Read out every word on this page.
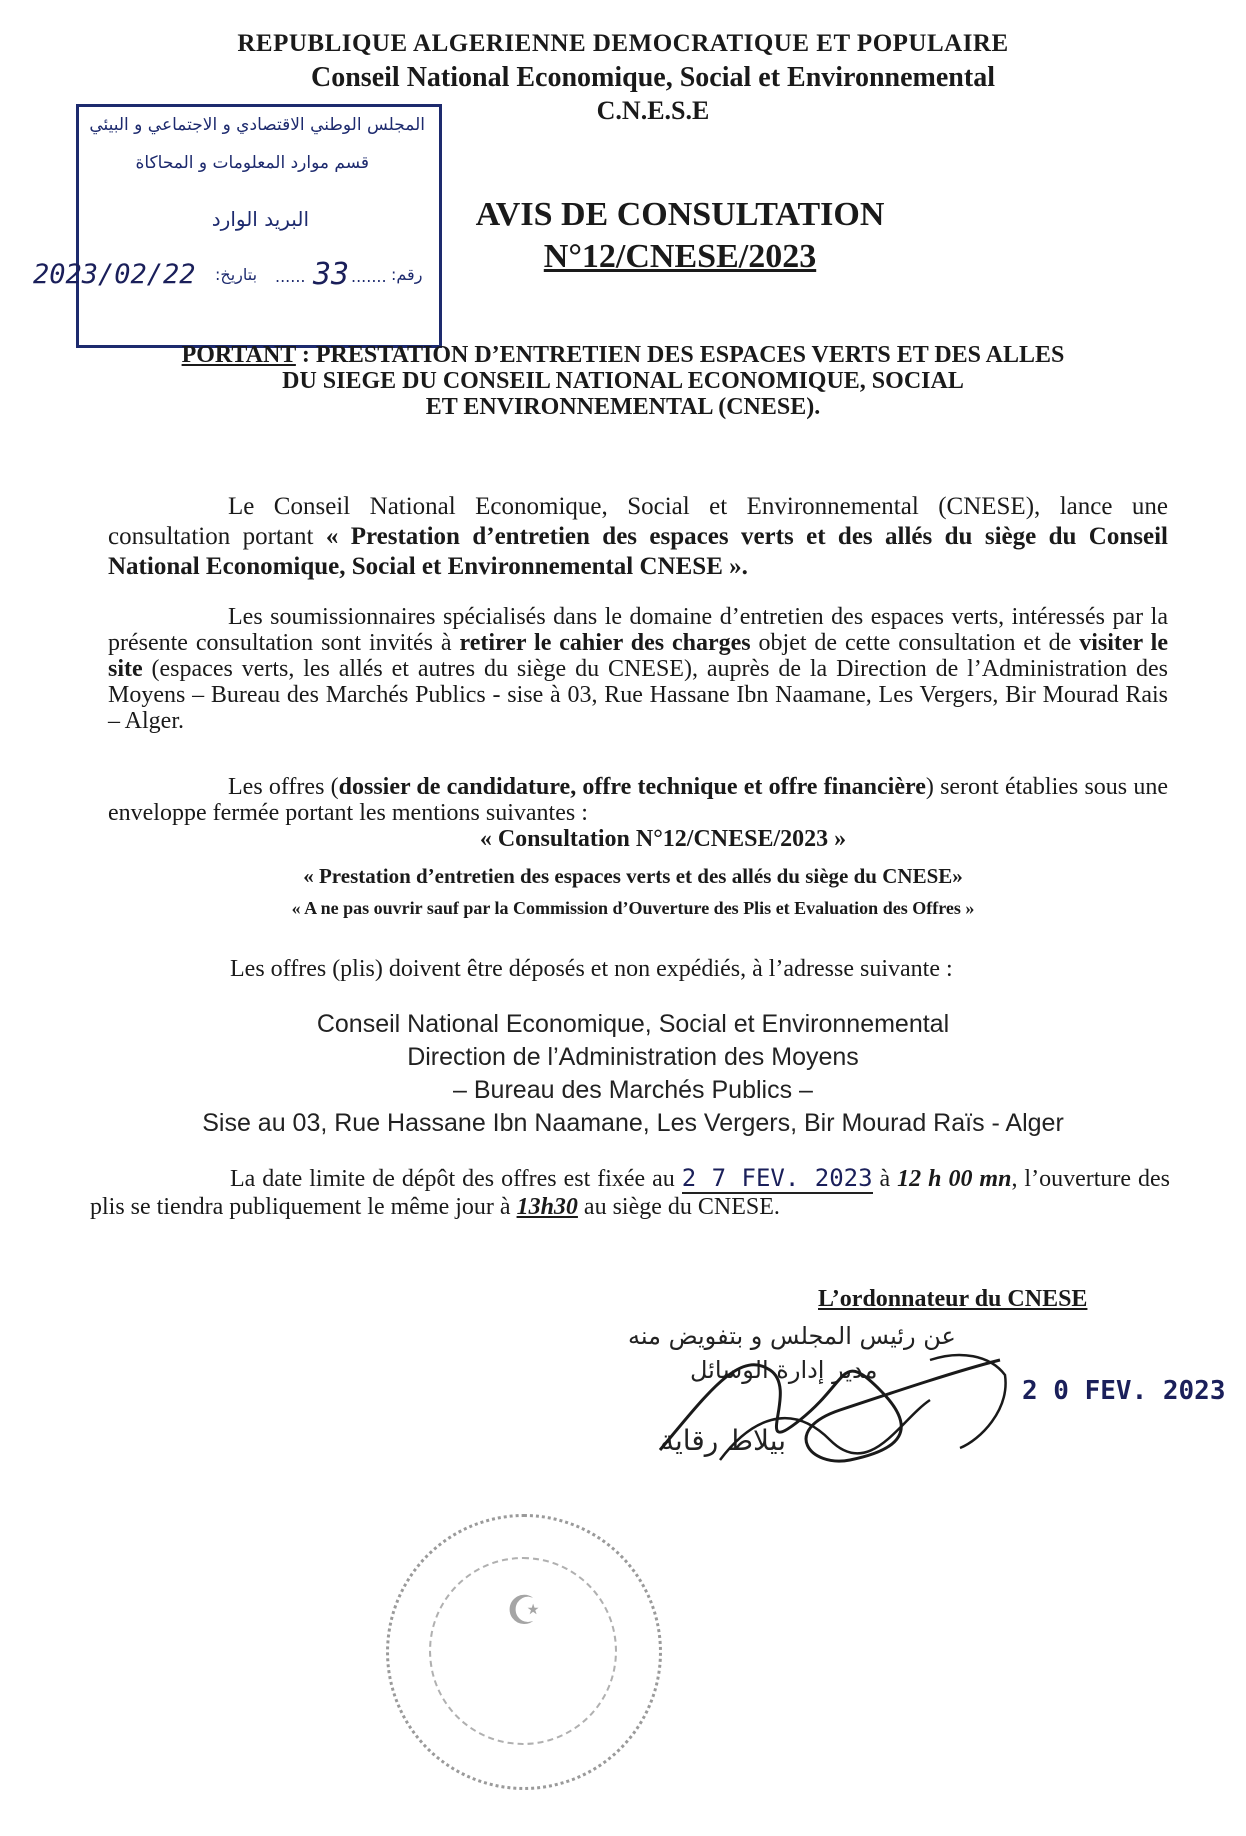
REPUBLIQUE ALGERIENNE DEMOCRATIQUE ET POPULAIRE
Conseil National Economique, Social et Environnemental
C.N.E.S.E
المجلس الوطني الاقتصادي و الاجتماعي و البيئي
قسم موارد المعلومات و المحاكاة
البريد الوارد
2023/02/22 بتاريخ: ...... 33 ....... رقم:
AVIS DE CONSULTATION
N°12/CNESE/2023
PORTANT : PRESTATION D’ENTRETIEN DES ESPACES VERTS ET DES ALLES
DU SIEGE DU CONSEIL NATIONAL ECONOMIQUE, SOCIAL
ET ENVIRONNEMENTAL (CNESE).
Le Conseil National Economique, Social et Environnemental (CNESE), lance une consultation portant « Prestation d’entretien des espaces verts et des allés du siège du Conseil National Economique, Social et Environnemental CNESE ».
Les soumissionnaires spécialisés dans le domaine d’entretien des espaces verts, intéressés par la présente consultation sont invités à retirer le cahier des charges objet de cette consultation et de visiter le site (espaces verts, les allés et autres du siège du CNESE), auprès de la Direction de l’Administration des Moyens – Bureau des Marchés Publics - sise à 03, Rue Hassane Ibn Naamane, Les Vergers, Bir Mourad Rais – Alger.
Les offres (dossier de candidature, offre technique et offre financière) seront établies sous une enveloppe fermée portant les mentions suivantes :
« Consultation N°12/CNESE/2023 »
« Prestation d’entretien des espaces verts et des allés du siège du CNESE»
« A ne pas ouvrir sauf par la Commission d’Ouverture des Plis et Evaluation des Offres »
Les offres (plis) doivent être déposés et non expédiés, à l’adresse suivante :
Conseil National Economique, Social et Environnemental
Direction de l’Administration des Moyens
– Bureau des Marchés Publics –
Sise au 03, Rue Hassane Ibn Naamane, Les Vergers, Bir Mourad Raïs - Alger
La date limite de dépôt des offres est fixée au 2 7 FEV. 2023 à 12 h 00 mn, l’ouverture des plis se tiendra publiquement le même jour à 13h30 au siège du CNESE.
☪
L’ordonnateur du CNESE
عن رئيس المجلس و بتفويض منه
مدير إدارة الوسائل
بيلاط رقاية
2 0 FEV. 2023
